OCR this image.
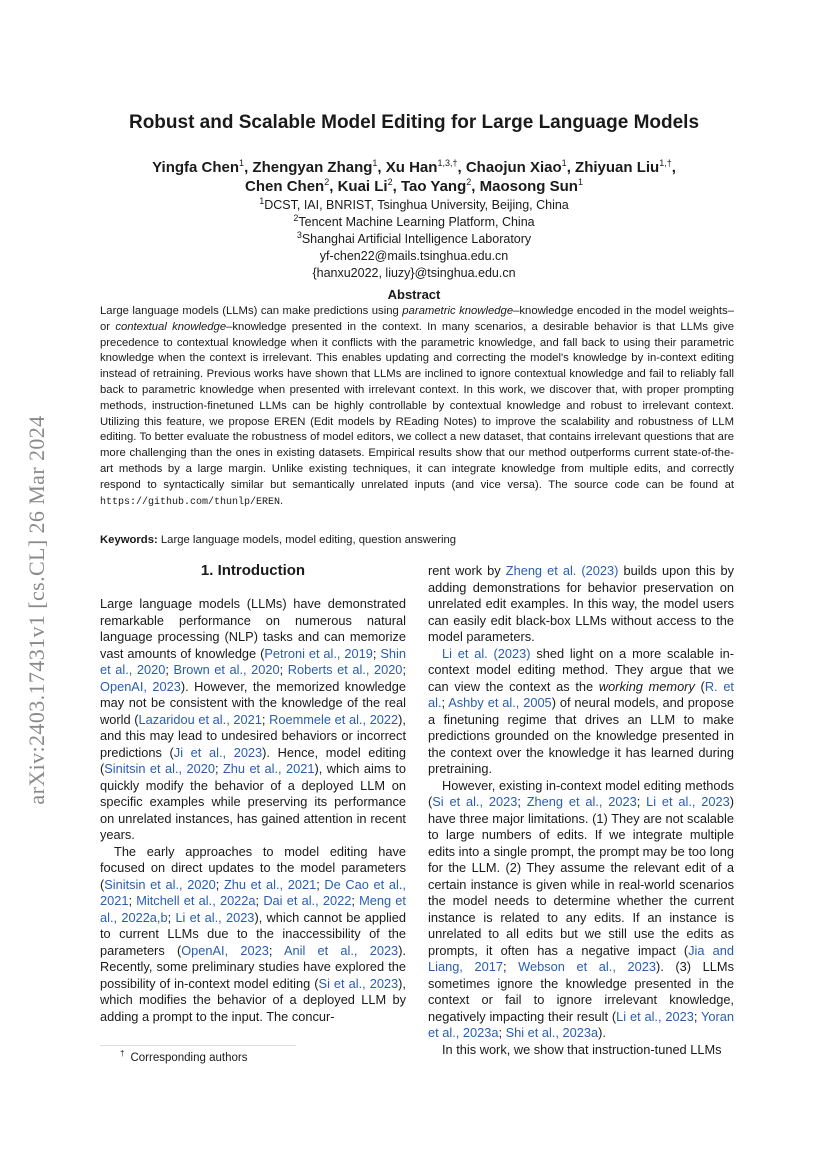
arXiv:2403.17431v1 [cs.CL] 26 Mar 2024
Robust and Scalable Model Editing for Large Language Models
Yingfa Chen$^1$, Zhengyan Zhang$^1$, Xu Han$^{1,3,\dagger}$, Chaojun Xiao$^1$, Zhiyuan Liu$^{1,\dagger}$,
Chen Chen$^2$, Kuai Li$^2$, Tao Yang$^2$, Maosong Sun$^1$
$^1$DCST, IAI, BNRIST, Tsinghua University, Beijing, China
$^2$Tencent Machine Learning Platform, China
$^3$Shanghai Artificial Intelligence Laboratory
yf-chen22@mails.tsinghua.edu.cn
{hanxu2022, liuzy}@tsinghua.edu.cn
Abstract
Large language models (LLMs) can make predictions using parametric knowledge–knowledge encoded in the model weights–or contextual knowledge–knowledge presented in the context. In many scenarios, a desirable behavior is that LLMs give precedence to contextual knowledge when it conflicts with the parametric knowledge, and fall back to using their parametric knowledge when the context is irrelevant. This enables updating and correcting the model's knowledge by in-context editing instead of retraining. Previous works have shown that LLMs are inclined to ignore contextual knowledge and fail to reliably fall back to parametric knowledge when presented with irrelevant context. In this work, we discover that, with proper prompting methods, instruction-finetuned LLMs can be highly controllable by contextual knowledge and robust to irrelevant context. Utilizing this feature, we propose EREN (Edit models by REading Notes) to improve the scalability and robustness of LLM editing. To better evaluate the robustness of model editors, we collect a new dataset, that contains irrelevant questions that are more challenging than the ones in existing datasets. Empirical results show that our method outperforms current state-of-the-art methods by a large margin. Unlike existing techniques, it can integrate knowledge from multiple edits, and correctly respond to syntactically similar but semantically unrelated inputs (and vice versa). The source code can be found at https://github.com/thunlp/EREN.
Keywords: Large language models, model editing, question answering
1. Introduction

Large language models (LLMs) have demonstrated remarkable performance on numerous natural language processing (NLP) tasks and can memorize vast amounts of knowledge (Petroni et al., 2019; Shin et al., 2020; Brown et al., 2020; Roberts et al., 2020; OpenAI, 2023). However, the memorized knowledge may not be consistent with the knowledge of the real world (Lazaridou et al., 2021; Roemmele et al., 2022), and this may lead to undesired behaviors or incorrect predictions (Ji et al., 2023). Hence, model editing (Sinitsin et al., 2020; Zhu et al., 2021), which aims to quickly modify the behavior of a deployed LLM on specific examples while preserving its performance on unrelated instances, has gained attention in recent years.

The early approaches to model editing have focused on direct updates to the model parameters (Sinitsin et al., 2020; Zhu et al., 2021; De Cao et al., 2021; Mitchell et al., 2022a; Dai et al., 2022; Meng et al., 2022a,b; Li et al., 2023), which cannot be applied to current LLMs due to the inaccessibility of the parameters (OpenAI, 2023; Anil et al., 2023). Recently, some preliminary studies have explored the possibility of in-context model editing (Si et al., 2023), which modifies the behavior of a deployed LLM by adding a prompt to the input. The concur-

rent work by Zheng et al. (2023) builds upon this by adding demonstrations for behavior preservation on unrelated edit examples. In this way, the model users can easily edit black-box LLMs without access to the model parameters.

Li et al. (2023) shed light on a more scalable in-context model editing method. They argue that we can view the context as the working memory (R. et al.; Ashby et al., 2005) of neural models, and propose a finetuning regime that drives an LLM to make predictions grounded on the knowledge presented in the context over the knowledge it has learned during pretraining.

However, existing in-context model editing methods (Si et al., 2023; Zheng et al., 2023; Li et al., 2023) have three major limitations. (1) They are not scalable to large numbers of edits. If we integrate multiple edits into a single prompt, the prompt may be too long for the LLM. (2) They assume the relevant edit of a certain instance is given while in real-world scenarios the model needs to determine whether the current instance is related to any edits. If an instance is unrelated to all edits but we still use the edits as prompts, it often has a negative impact (Jia and Liang, 2017; Webson et al., 2023). (3) LLMs sometimes ignore the knowledge presented in the context or fail to ignore irrelevant knowledge, negatively impacting their result (Li et al., 2023; Yoran et al., 2023a; Shi et al., 2023a).

In this work, we show that instruction-tuned LLMs

† Corresponding authors
